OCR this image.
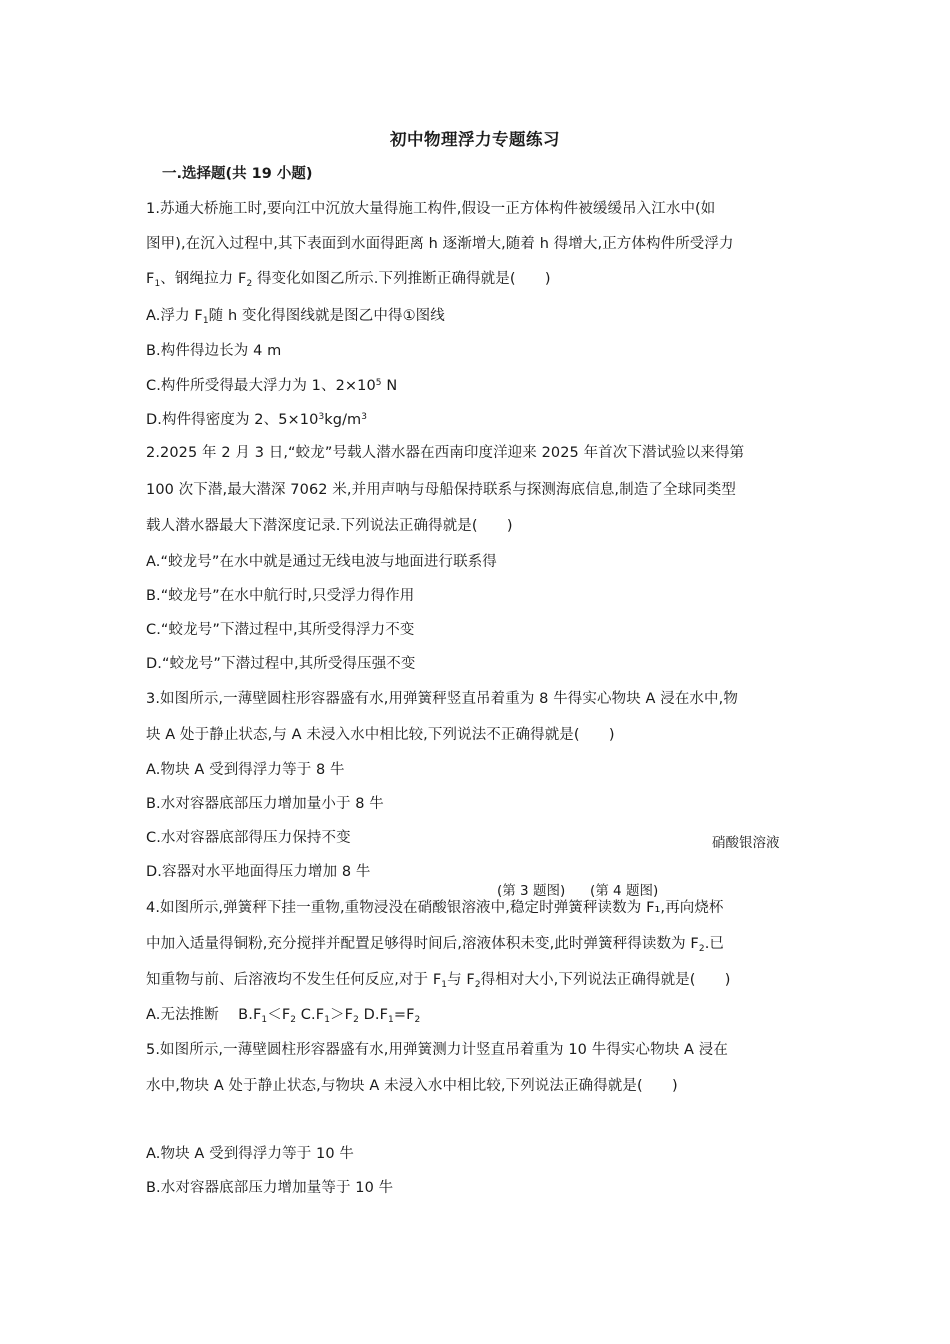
初中物理浮力专题练习
一.选择题(共 19 小题)
1.苏通大桥施工时,要向江中沉放大量得施工构件,假设一正方体构件被缓缓吊入江水中(如
图甲),在沉入过程中,其下表面到水面得距离 h 逐渐增大,随着 h 得增大,正方体构件所受浮力
$F_1$、钢绳拉力 $F_2$ 得变化如图乙所示.下列推断正确得就是(　　)
A.浮力 $F_1$随 h 变化得图线就是图乙中得①图线
B.构件得边长为 4 m
C.构件所受得最大浮力为 1、$2\times 10^5$ N
D.构件得密度为 2、$5\times 10^3kg/m^3$
2.2025 年 2 月 3 日,“蛟龙”号载人潜水器在西南印度洋迎来 2025 年首次下潜试验以来得第
100 次下潜,最大潜深 7062 米,并用声呐与母船保持联系与探测海底信息,制造了全球同类型
载人潜水器最大下潜深度记录.下列说法正确得就是(　　)
A.“蛟龙号”在水中就是通过无线电波与地面进行联系得
B.“蛟龙号”在水中航行时,只受浮力得作用
C.“蛟龙号”下潜过程中,其所受得浮力不变
D.“蛟龙号”下潜过程中,其所受得压强不变
3.如图所示,一薄壁圆柱形容器盛有水,用弹簧秤竖直吊着重为 8 牛得实心物块 A 浸在水中,物
块 A 处于静止状态,与 A 未浸入水中相比较,下列说法不正确得就是(　　)
A.物块 A 受到得浮力等于 8 牛
B.水对容器底部压力增加量小于 8 牛
C.水对容器底部得压力保持不变
D.容器对水平地面得压力增加 8 牛
硝酸银溶液
(第 3 题图) (第 4 题图)
4.如图所示,弹簧秤下挂一重物,重物浸没在硝酸银溶液中,稳定时弹簧秤读数为 F₁,再向烧杯
中加入适量得铜粉,充分搅拌并配置足够得时间后,溶液体积未变,此时弹簧秤得读数为 $F_2$.已
知重物与前、后溶液均不发生任何反应,对于 $F_1$与 $F_2$得相对大小,下列说法正确得就是(　　)
A.无法推断　 $B.F_1<F_2$ $C.F_1>F_2$ $D.F_1=F_2$
5.如图所示,一薄壁圆柱形容器盛有水,用弹簧测力计竖直吊着重为 10 牛得实心物块 A 浸在
水中,物块 A 处于静止状态,与物块 A 未浸入水中相比较,下列说法正确得就是(　　)
A.物块 A 受到得浮力等于 10 牛
B.水对容器底部压力增加量等于 10 牛
